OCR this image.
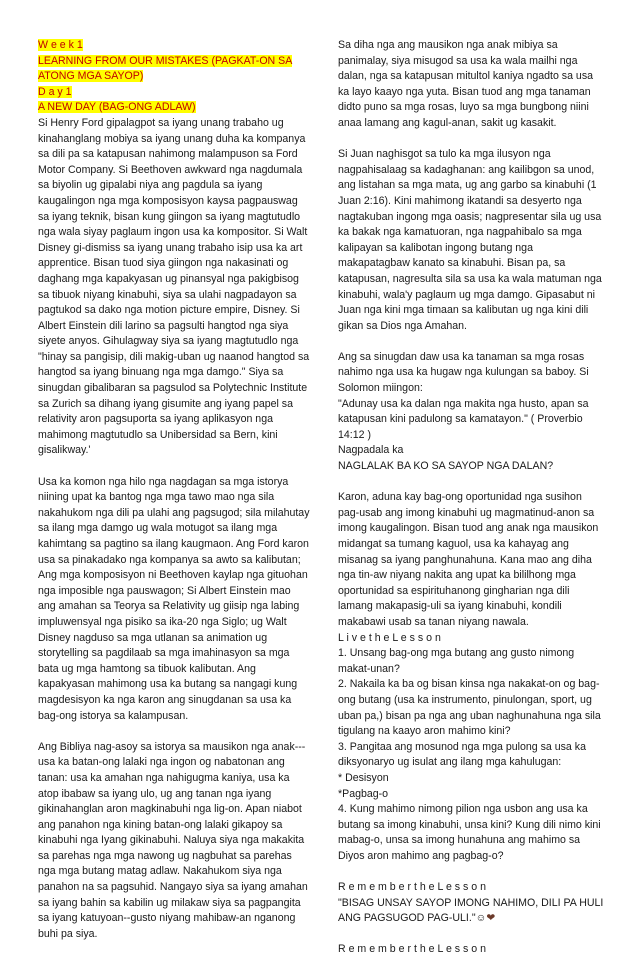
W e e k 1

LEARNING FROM OUR MISTAKES (PAGKAT-ON SA ATONG MGA SAYOP)

D a y 1

A NEW DAY (BAG-ONG ADLAW)

Si Henry Ford gipalagpot sa iyang unang trabaho ug kinahanglang mobiya sa iyang unang duha ka kompanya sa dili pa sa katapusan nahimong malampuson sa Ford Motor Company. Si Beethoven awkward nga nagdumala sa biyolin ug gipalabi niya ang pagdula sa iyang kaugalingon nga mga komposisyon kaysa pagpauswag sa iyang teknik, bisan kung giingon sa iyang magtutudlo nga wala siyay paglaum ingon usa ka kompositor. Si Walt Disney gi-dismiss sa iyang unang trabaho isip usa ka art apprentice. Bisan tuod siya giingon nga nakasinati og daghang mga kapakyasan ug pinansyal nga pakigbisog sa tibuok niyang kinabuhi, siya sa ulahi nagpadayon sa pagtukod sa dako nga motion picture empire, Disney. Si Albert Einstein dili larino sa pagsulti hangtod nga siya siyete anyos. Gihulagway siya sa iyang magtutudlo nga "hinay sa pangisip, dili makig-uban ug naanod hangtod sa hangtod sa iyang binuang nga mga damgo." Siya sa sinugdan gibalibaran sa pagsulod sa Polytechnic Institute sa Zurich sa dihang iyang gisumite ang iyang papel sa relativity aron pagsuporta sa iyang aplikasyon nga mahimong magtutudlo sa Unibersidad sa Bern, kini gisalikway.'

Usa ka komon nga hilo nga nagdagan sa mga istorya niining upat ka bantog nga mga tawo mao nga sila nakahukom nga dili pa ulahi ang pagsugod; sila milahutay sa ilang mga damgo ug wala motugot sa ilang mga kahimtang sa pagtino sa ilang kaugmaon. Ang Ford karon usa sa pinakadako nga kompanya sa awto sa kalibutan; Ang mga komposisyon ni Beethoven kaylap nga gituohan nga imposible nga pauswagon; Si Albert Einstein mao ang amahan sa Teorya sa Relativity ug giisip nga labing impluwensyal nga pisiko sa ika-20 nga Siglo; ug Walt Disney nagduso sa mga utlanan sa animation ug storytelling sa pagdilaab sa mga imahinasyon sa mga bata ug mga hamtong sa tibuok kalibutan. Ang kapakyasan mahimong usa ka butang sa nangagi kung magdesisyon ka nga karon ang sinugdanan sa usa ka bag-ong istorya sa kalampusan.

Ang Bibliya nag-asoy sa istorya sa mausikon nga anak---usa ka batan-ong lalaki nga ingon og nabatonan ang tanan: usa ka amahan nga nahigugma kaniya, usa ka atop ibabaw sa iyang ulo, ug ang tanan nga iyang gikinahanglan aron magkinabuhi nga lig-on. Apan niabot ang panahon nga kining batan-ong lalaki gikapoy sa kinabuhi nga Iyang gikinabuhi. Naluya siya nga makakita sa parehas nga mga nawong ug nagbuhat sa parehas nga mga butang matag adlaw. Nakahukom siya nga panahon na sa pagsuhid. Nangayo siya sa iyang amahan sa iyang bahin sa kabilin ug milakaw siya sa pagpangita sa iyang katuyoan--gusto niyang mahibaw-an nganong buhi pa siya.

Sa diha nga ang mausikon nga anak mibiya sa panimalay, siya misugod sa usa ka wala mailhi nga dalan, nga sa katapusan mitultol kaniya ngadto sa usa ka layo kaayo nga yuta. Bisan tuod ang mga tanaman didto puno sa mga rosas, luyo sa mga bungbong niini anaa lamang ang kagul-anan, sakit ug kasakit.

Si Juan naghisgot sa tulo ka mga ilusyon nga nagpahisalaag sa kadaghanan: ang kailibgon sa unod, ang listahan sa mga mata, ug ang garbo sa kinabuhi (1 Juan 2:16). Kini mahimong ikatandi sa desyerto nga nagtakuban ingong mga oasis; nagpresentar sila ug usa ka bakak nga kamatuoran, nga nagpahibalo sa mga kalipayan sa kalibotan ingong butang nga makapatagbaw kanato sa kinabuhi. Bisan pa, sa katapusan, nagresulta sila sa usa ka wala matuman nga kinabuhi, wala'y paglaum ug mga damgo. Gipasabut ni Juan nga kini mga timaan sa kalibutan ug nga kini dili gikan sa Dios nga Amahan.

Ang sa sinugdan daw usa ka tanaman sa mga rosas nahimo nga usa ka hugaw nga kulungan sa baboy. Si Solomon miingon:

"Adunay usa ka dalan nga makita nga husto, apan sa katapusan kini padulong sa kamatayon." ( Proverbio 14:12 )

Nagpadala ka

NAGLALAK BA KO SA SAYOP NGA DALAN?

Karon, aduna kay bag-ong oportunidad nga susihon pag-usab ang imong kinabuhi ug magmatinud-anon sa imong kaugalingon. Bisan tuod ang anak nga mausikon midangat sa tumang kaguol, usa ka kahayag ang misanag sa iyang panghunahuna. Kana mao ang diha nga tin-aw niyang nakita ang upat ka bililhong mga oportunidad sa espirituhanong gingharian nga dili lamang makapasig-uli sa iyang kinabuhi, kondili makabawi usab sa tanan niyang nawala.

L i v e t h e L e s s o n

1. Unsang bag-ong mga butang ang gusto nimong makat-unan?

2. Nakaila ka ba og bisan kinsa nga nakakat-on og bag-ong butang (usa ka instrumento, pinulongan, sport, ug uban pa,) bisan pa nga ang uban naghunahuna nga sila tigulang na kaayo aron mahimo kini?

3. Pangitaa ang mosunod nga mga pulong sa usa ka diksyonaryo ug isulat ang ilang mga kahulugan:

* Desisyon

*Pagbag-o

4. Kung mahimo nimong pilion nga usbon ang usa ka butang sa imong kinabuhi, unsa kini? Kung dili nimo kini mabag-o, unsa sa imong hunahuna ang mahimo sa Diyos aron mahimo ang pagbag-o?

R e m e m b e r t h e L e s s o n

"BISAG UNSAY SAYOP IMONG NAHIMO, DILI PA HULI ANG PAGSUGOD PAG-ULI."☺❤

R e m e m b e r t h e L e s s o n
